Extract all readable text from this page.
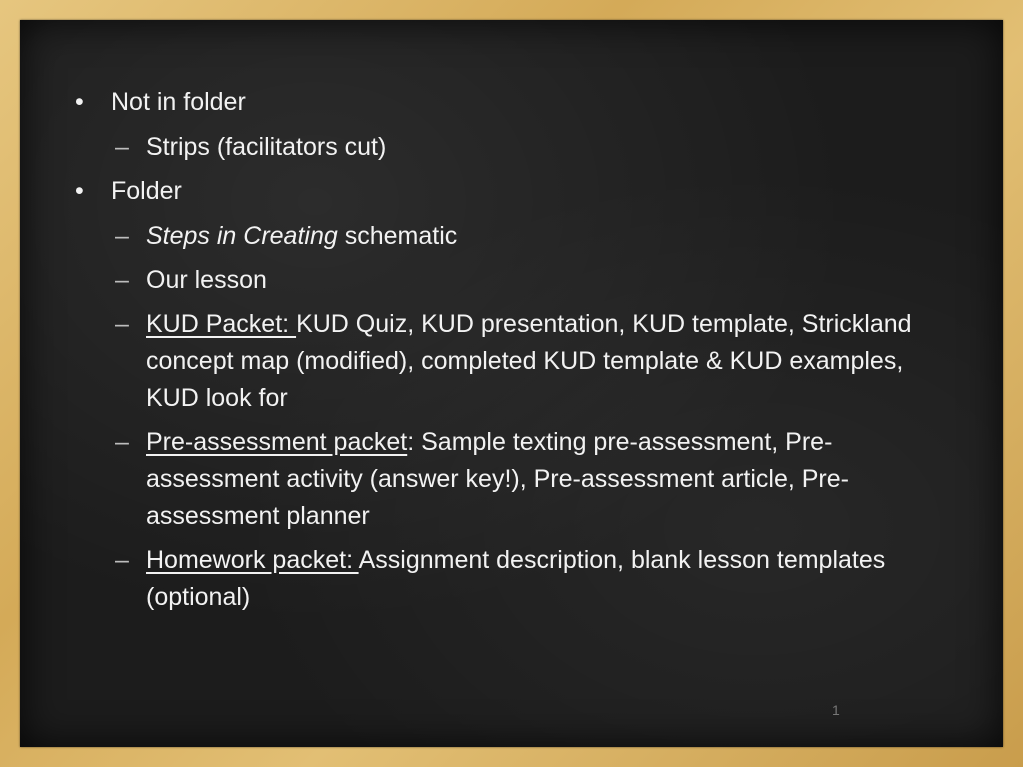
•	Not in folder
– Strips (facilitators cut)
•	Folder
– Steps in Creating schematic
– Our lesson
– KUD Packet: KUD Quiz, KUD presentation, KUD template, Strickland concept map (modified), completed KUD template & KUD examples, KUD look for
– Pre-assessment packet: Sample texting pre-assessment, Pre-assessment activity (answer key!), Pre-assessment article, Pre-assessment planner
– Homework packet: Assignment description, blank lesson templates (optional)
1
